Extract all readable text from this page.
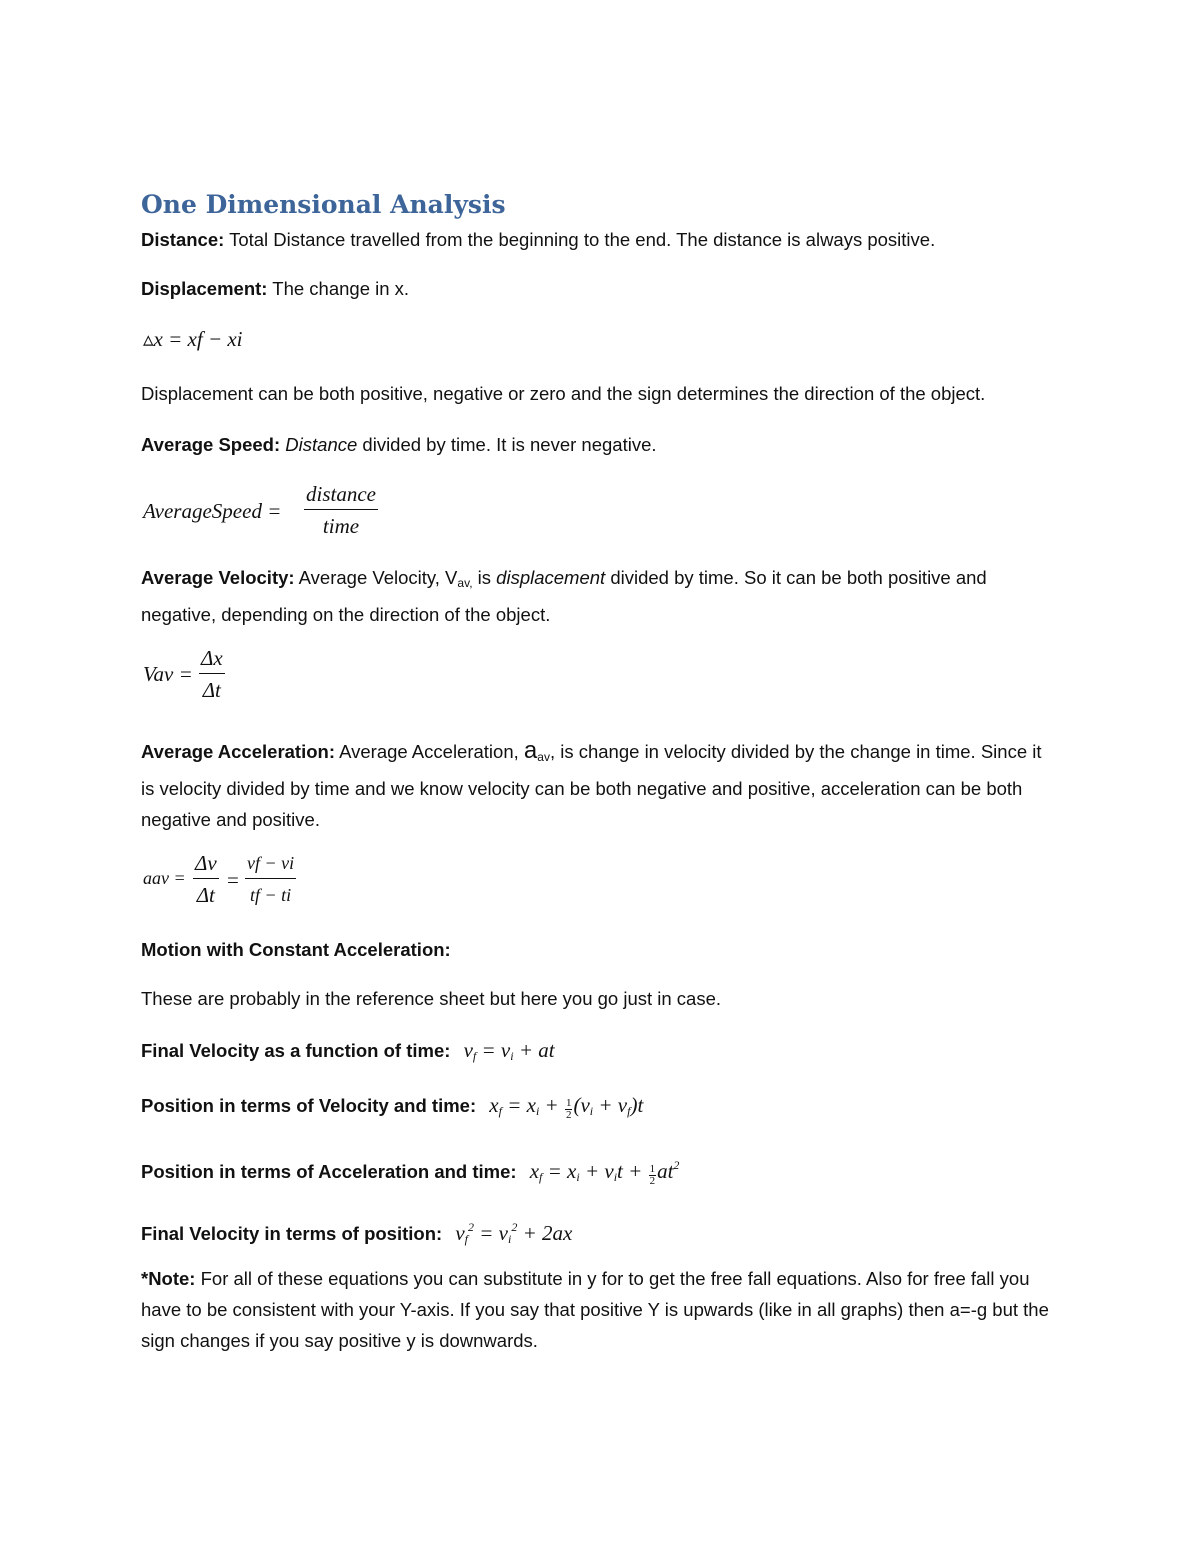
One Dimensional Analysis
Distance: Total Distance travelled from the beginning to the end. The distance is always positive.
Displacement: The change in x.
▵x = xf − xi
Displacement can be both positive, negative or zero and the sign determines the direction of the object.
Average Speed: Distance divided by time. It is never negative.
AverageSpeed =
distance
time
Average Velocity: Average Velocity, $V_{av,}$ is displacement divided by time. So it can be both positive and negative, depending on the direction of the object.
Vav = $\frac{\Delta x}{\Delta t}$
Average Acceleration: Average Acceleration, $a_{av}$, is change in velocity divided by the change in time. Since it is velocity divided by time and we know velocity can be both negative and positive, acceleration can be both negative and positive.
aav = $\frac{\Delta v}{\Delta t} = \frac{vf - vi}{tf - ti}$
Motion with Constant Acceleration:
These are probably in the reference sheet but here you go just in case.
Final Velocity as a function of time: $v_f = v_i$ + at
Position in terms of Velocity and time: $x_f = x_i + \frac{1}{2} (v_i + v_f)t$
Position in terms of Acceleration and time: $x_f = x_i + v_it + \frac{1}{2} at^2$
Final Velocity in terms of position: $v_f^2 = v_i^2 + 2ax$
*Note: For all of these equations you can substitute in y for to get the free fall equations. Also for free fall you have to be consistent with your Y-axis. If you say that positive Y is upwards (like in all graphs) then a=-g but the sign changes if you say positive y is downwards.
